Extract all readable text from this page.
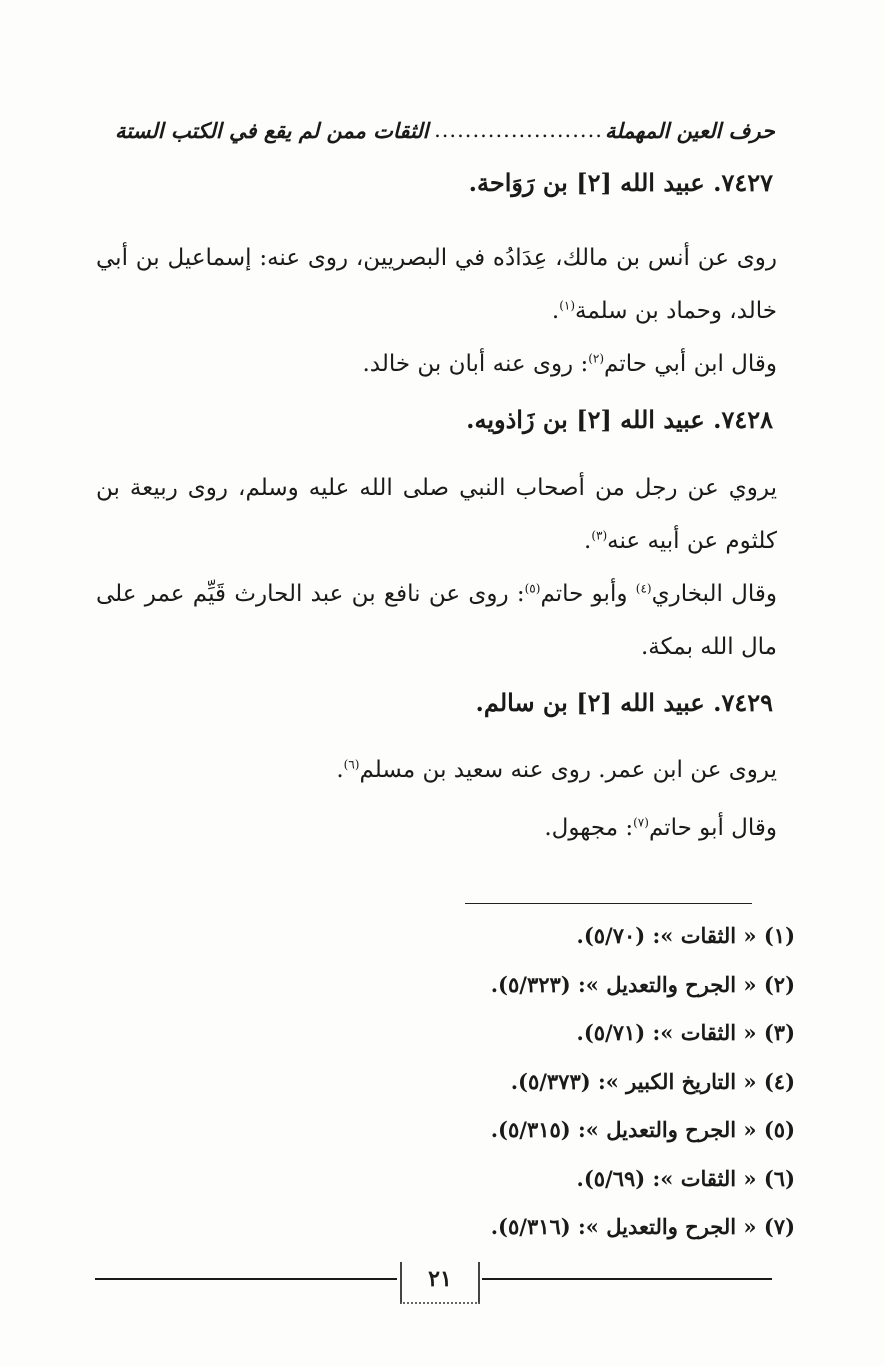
حرف العين المهملة
......................
الثقات ممن لم يقع في الكتب الستة
٧٤٢٧. عبيد الله [٢] بن رَوَاحة.
روى عن أنس بن مالك، عِدَادُه في البصريين، روى عنه: إسماعيل بن أبي خالد، وحماد بن سلمة$^{(١)}$.
وقال ابن أبي حاتم$^{(٢)}$: روى عنه أبان بن خالد.
٧٤٢٨. عبيد الله [٢] بن زَاذويه.
يروي عن رجل من أصحاب النبي صلى الله عليه وسلم، روى ربيعة بن كلثوم عن أبيه عنه$^{(٣)}$.
وقال البخاري$^{(٤)}$ وأبو حاتم$^{(٥)}$: روى عن نافع بن عبد الحارث قَيِّم عمر على مال الله بمكة.
٧٤٢٩. عبيد الله [٢] بن سالم.
يروى عن ابن عمر. روى عنه سعيد بن مسلم$^{(٦)}$.
وقال أبو حاتم$^{(٧)}$: مجهول.
(١) « الثقات »: (٥/٧٠).
(٢) « الجرح والتعديل »: (٥/٣٢٣).
(٣) « الثقات »: (٥/٧١).
(٤) « التاريخ الكبير »: (٥/٣٧٣).
(٥) « الجرح والتعديل »: (٥/٣١٥).
(٦) « الثقات »: (٥/٦٩).
(٧) « الجرح والتعديل »: (٥/٣١٦).
٢١
